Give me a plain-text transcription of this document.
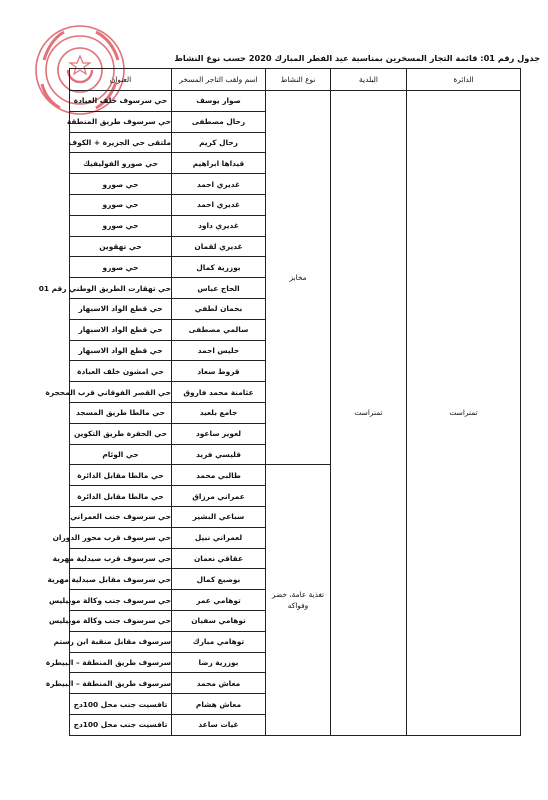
جدول رقم 01: قائمة التجار المسخرين بمناسبة عيد الفطر المبارك 2020 حسب نوع النشاط
الدائرة	البلدية	نوع النشاط	اسم ولقب التاجر المسخر	العنوان
تمنراست	تمنراست	مخابز	صوار يوسف	حي سرسوف خلف العبادة
			رحال مصطفى	حي سرسوف طريق المنطقة
			رحال كريم	ملتقى حي الجزيرة + الكوف
			قيداها ابراهيم	حي صورو الفوليفيك
			غديري احمد	حي صورو
			غديري احمد	حي صورو
			غديري داود	حي صورو
			غديري لقمان	حي تهقوين
			بوزرية كمال	حي صورو
			الحاج عباس	حي تهقارت الطريق الوطني رقم 01
			بحمان لطفي	حي قطع الواد الاسبهار
			سالمي مصطفى	حي قطع الواد الاسبهار
			حليس احمد	حي قطع الواد الاسبهار
			قروط سعاد	حي امشون خلف العبادة
			عثامنة محمد فاروق	حي القصر الفوقاني قرب المحجرة
			جامع بلعيد	حي مالطا طريق المسجد
			لعوير ساعود	حي الحفرة طريق التكوين
			قليسي فريد	حي الوئام
		تغذية عامة، خضر وفواكه	طالبي محمد	حي مالطا مقابل الدائرة
			عمراني مرزاق	حي مالطا مقابل الدائرة
			سباعي البشير	حي سرسوف جنب العمراني
			لعمراني نبيل	حي سرسوف قرب محور الدوران
			عقاقي نعمان	حي سرسوف قرب صيدلية مهرية
			بوصبع كمال	حي سرسوف مقابل صيدلية مهرية
			توهامي عمر	حي سرسوف جنب وكالة موبيليس
			توهامي سفيان	حي سرسوف جنب وكالة موبيليس
			توهامي مبارك	سرسوف مقابل منقبة ابن رستم
			بوزرية رضا	سرسوف طريق المنطقة – البيطرة
			معاش محمد	سرسوف طريق المنطقة – البيطرة
			معاش هشام	تافسيت جنب محل 100دج
			غيات ساعد	تافسيت جنب محل 100دج
